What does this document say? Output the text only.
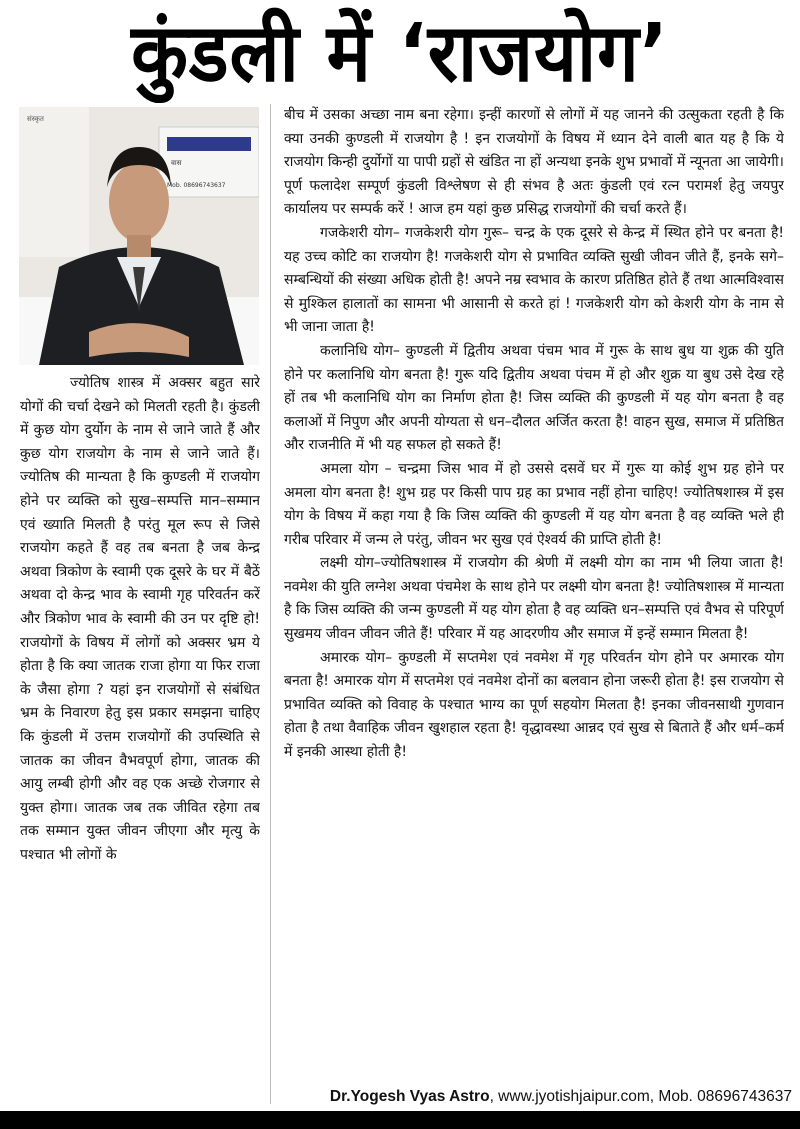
कुंडली में ‘राजयोग’
वास
Mob. 08696743637
संस्कृत

ज्योतिष शास्त्र में अक्सर बहुत सारे योगों की चर्चा देखने को मिलती रहती है। कुंडली में कुछ योग दुर्योग के नाम से जाने जाते हैं और कुछ योग राजयोग के नाम से जाने जाते हैं। ज्योतिष की मान्यता है कि कुण्डली में राजयोग होने पर व्यक्ति को सुख–सम्पत्ति मान–सम्मान एवं ख्याति मिलती है परंतु मूल रूप से जिसे राजयोग कहते हैं वह तब बनता है जब केन्द्र अथवा त्रिकोण के स्वामी एक दूसरे के घर में बैठें अथवा दो केन्द्र भाव के स्वामी गृह परिवर्तन करें और त्रिकोण भाव के स्वामी की उन पर दृष्टि हो! राजयोगों के विषय में लोगों को अक्सर भ्रम ये होता है कि क्या जातक राजा होगा या फिर राजा के जैसा होगा ? यहां इन राजयोगों से संबंधित भ्रम के निवारण हेतु इस प्रकार समझना चाहिए कि कुंडली में उत्तम राजयोगों की उपस्थिति से जातक का जीवन वैभवपूर्ण होगा, जातक की आयु लम्बी होगी और वह एक अच्छे रोजगार से युक्त होगा। जातक जब तक जीवित रहेगा तब तक सम्मान युक्त जीवन जीएगा और मृत्यु के पश्चात भी लोगों के

बीच में उसका अच्छा नाम बना रहेगा। इन्हीं कारणों से लोगों में यह जानने की उत्सुकता रहती है कि क्या उनकी कुण्डली में राजयोग है ! इन राजयोगों के विषय में ध्यान देने वाली बात यह है कि ये राजयोग किन्ही दुर्योगों या पापी ग्रहों से खंडित ना हों अन्यथा इनके शुभ प्रभावों में न्यूनता आ जायेगी। पूर्ण फलादेश सम्पूर्ण कुंडली विश्लेषण से ही संभव है अतः कुंडली एवं रत्न परामर्श हेतु जयपुर कार्यालय पर सम्पर्क करें ! आज हम यहां कुछ प्रसिद्ध राजयोगों की चर्चा करते हैं।

गजकेशरी योग– गजकेशरी योग गुरू– चन्द्र के एक दूसरे से केन्द्र में स्थित होने पर बनता है! यह उच्च कोटि का राजयोग है! गजकेशरी योग से प्रभावित व्यक्ति सुखी जीवन जीते हैं, इनके सगे–सम्बन्धियों की संख्या अधिक होती है! अपने नम्र स्वभाव के कारण प्रतिष्ठित होते हैं तथा आत्मविश्वास से मुश्किल हालातों का सामना भी आसानी से करते हां ! गजकेशरी योग को केशरी योग के नाम से भी जाना जाता है!

कलानिधि योग– कुण्डली में द्वितीय अथवा पंचम भाव में गुरू के साथ बुध या शुक्र की युति होने पर कलानिधि योग बनता है! गुरू यदि द्वितीय अथवा पंचम में हो और शुक्र या बुध उसे देख रहे हों तब भी कलानिधि योग का निर्माण होता है! जिस व्यक्ति की कुण्डली में यह योग बनता है वह कलाओं में निपुण और अपनी योग्यता से धन–दौलत अर्जित करता है! वाहन सुख, समाज में प्रतिष्ठित और राजनीति में भी यह सफल हो सकते हैं!

अमला योग – चन्द्रमा जिस भाव में हो उससे दसवें घर में गुरू या कोई शुभ ग्रह होने पर अमला योग बनता है! शुभ ग्रह पर किसी पाप ग्रह का प्रभाव नहीं होना चाहिए! ज्योतिषशास्त्र में इस योग के विषय में कहा गया है कि जिस व्यक्ति की कुण्डली में यह योग बनता है वह व्यक्ति भले ही गरीब परिवार में जन्म ले परंतु, जीवन भर सुख एवं ऐश्वर्य की प्राप्ति होती है!

लक्ष्मी योग–ज्योतिषशास्त्र में राजयोग की श्रेणी में लक्ष्मी योग का नाम भी लिया जाता है! नवमेश की युति लग्नेश अथवा पंचमेश के साथ होने पर लक्ष्मी योग बनता है! ज्योतिषशास्त्र में मान्यता है कि जिस व्यक्ति की जन्म कुण्डली में यह योग होता है वह व्यक्ति धन–सम्पत्ति एवं वैभव से परिपूर्ण सुखमय जीवन जीवन जीते हैं! परिवार में यह आदरणीय और समाज में इन्हें सम्मान मिलता है!

अमारक योग– कुण्डली में सप्तमेश एवं नवमेश में गृह परिवर्तन योग होने पर अमारक योग बनता है! अमारक योग में सप्तमेश एवं नवमेश दोनों का बलवान होना जरूरी होता है! इस राजयोग से प्रभावित व्यक्ति को विवाह के पश्चात भाग्य का पूर्ण सहयोग मिलता है! इनका जीवनसाथी गुणवान होता है तथा वैवाहिक जीवन खुशहाल रहता है! वृद्धावस्था आन्नद एवं सुख से बिताते हैं और धर्म–कर्म में इनकी आस्था होती है!

Dr.Yogesh Vyas Astro, www.jyotishjaipur.com, Mob. 08696743637
